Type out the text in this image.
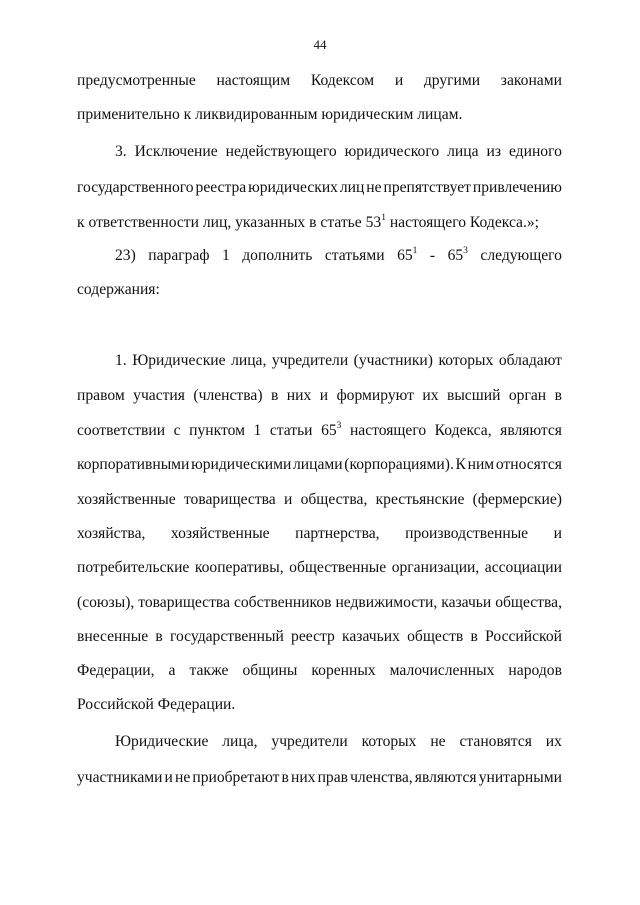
44
предусмотренные настоящим Кодексом и другими законами
применительно к ликвидированным юридическим лицам.
3. Исключение недействующего юридического лица из единого
государственного реестра юридических лиц не препятствует привлечению
к ответственности лиц, указанных в статье $53^1$ настоящего Кодекса.»;
23) параграф 1 дополнить статьями $65^1 - 65^3$ следующего
содержания:
1. Юридические лица, учредители (участники) которых обладают
правом участия (членства) в них и формируют их высший орган в
соответствии с пунктом 1 статьи $65^3$ настоящего Кодекса, являются
корпоративными юридическими лицами (корпорациями). К ним относятся
хозяйственные товарищества и общества, крестьянские (фермерские)
хозяйства, хозяйственные партнерства, производственные и
потребительские кооперативы, общественные организации, ассоциации
(союзы), товарищества собственников недвижимости, казачьи общества,
внесенные в государственный реестр казачьих обществ в Российской
Федерации, а также общины коренных малочисленных народов
Российской Федерации.
Юридические лица, учредители которых не становятся их
участниками и не приобретают в них прав членства, являются унитарными
